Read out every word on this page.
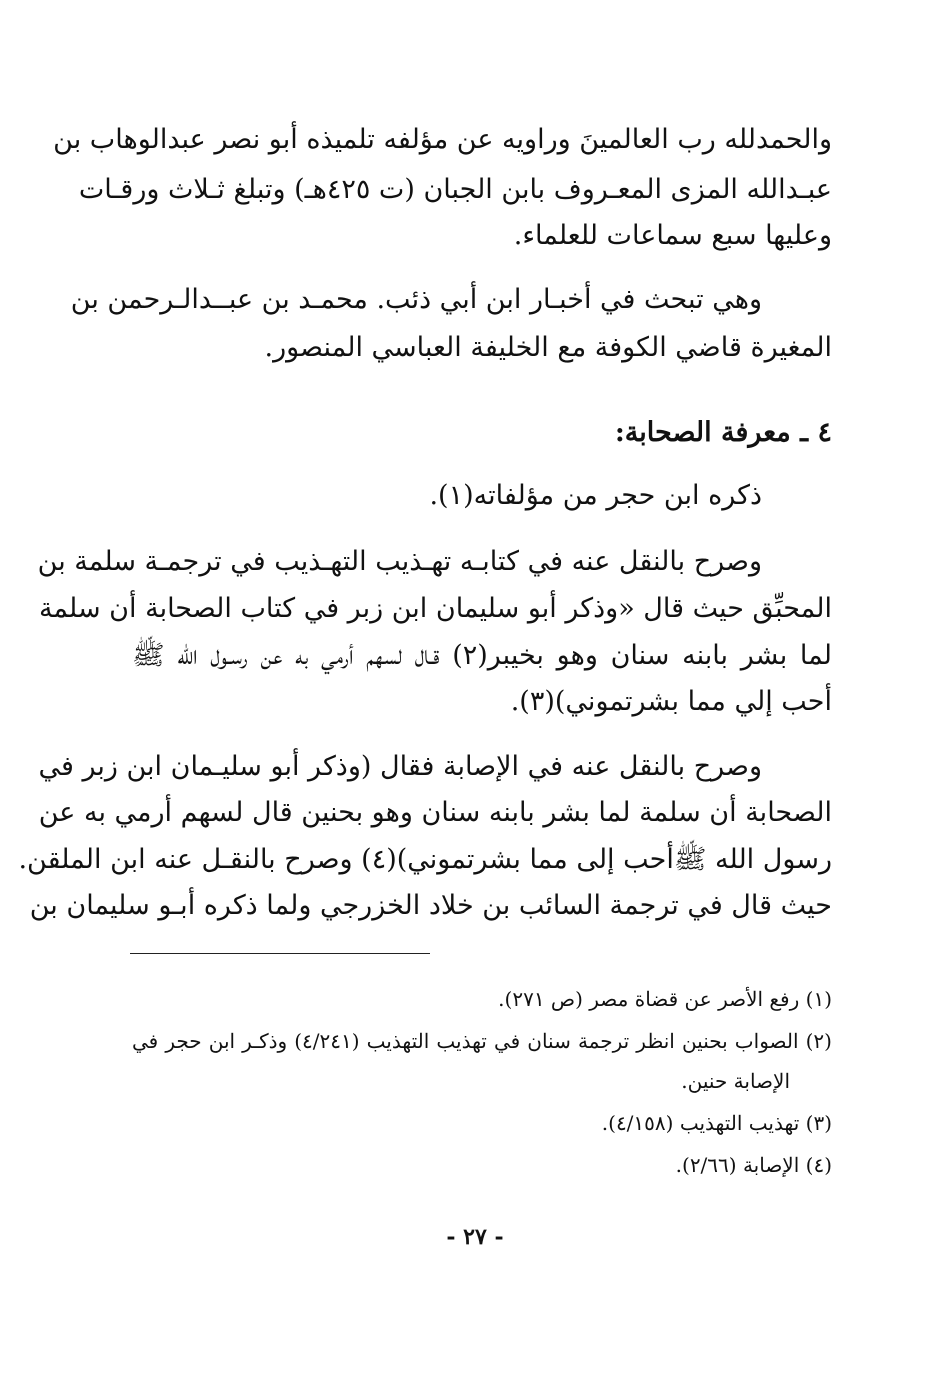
والحمدلله رب العالمينَ وراويه عن مؤلفه تلميذه أبو نصر عبدالوهاب بن
عبـدالله المزى المعـروف بابن الجبان (ت ٤٢٥هـ) وتبلغ ثـلاث ورقـات
وعليها سبع سماعات للعلماء.
وهي تبحث في أخبـار ابن أبي ذئب. محمـد بن عبــدالـرحمن بن
المغيرة قاضي الكوفة مع الخليفة العباسي المنصور.
٤ ـ معرفة الصحابة:
ذكره ابن حجر من مؤلفاته(١).
وصرح بالنقل عنه في كتابـه تهـذيب التهـذيب في ترجمـة سلمة بن
المحبِّق حيث قال «وذكر أبو سليمان ابن زبر في كتاب الصحابة أن سلمة
لما بشر بابنه سنان وهو بخيبر(٢) قـال لسهم أرمي به عن رسـول الله ﷺ
أحب إلي مما بشرتموني)(٣).
وصرح بالنقل عنه في الإصابة فقال (وذكر أبو سليـمان ابن زبر في
الصحابة أن سلمة لما بشر بابنه سنان وهو بحنين قال لسهم أرمي به عن
رسول الله ﷺأحب إلى مما بشرتموني)(٤) وصرح بالنقـل عنه ابن الملقن.
حيث قال في ترجمة السائب بن خلاد الخزرجي ولما ذكره أبـو سليمان بن
(١) رفع الأصر عن قضاة مصر (ص ٢٧١).
(٢) الصواب بحنين انظر ترجمة سنان في تهذيب التهذيب (٤/٢٤١) وذكـر ابن حجر في
الإصابة حنين.
(٣) تهذيب التهذيب (٤/١٥٨).
(٤) الإصابة (٢/٦٦).
- ٢٧ -
